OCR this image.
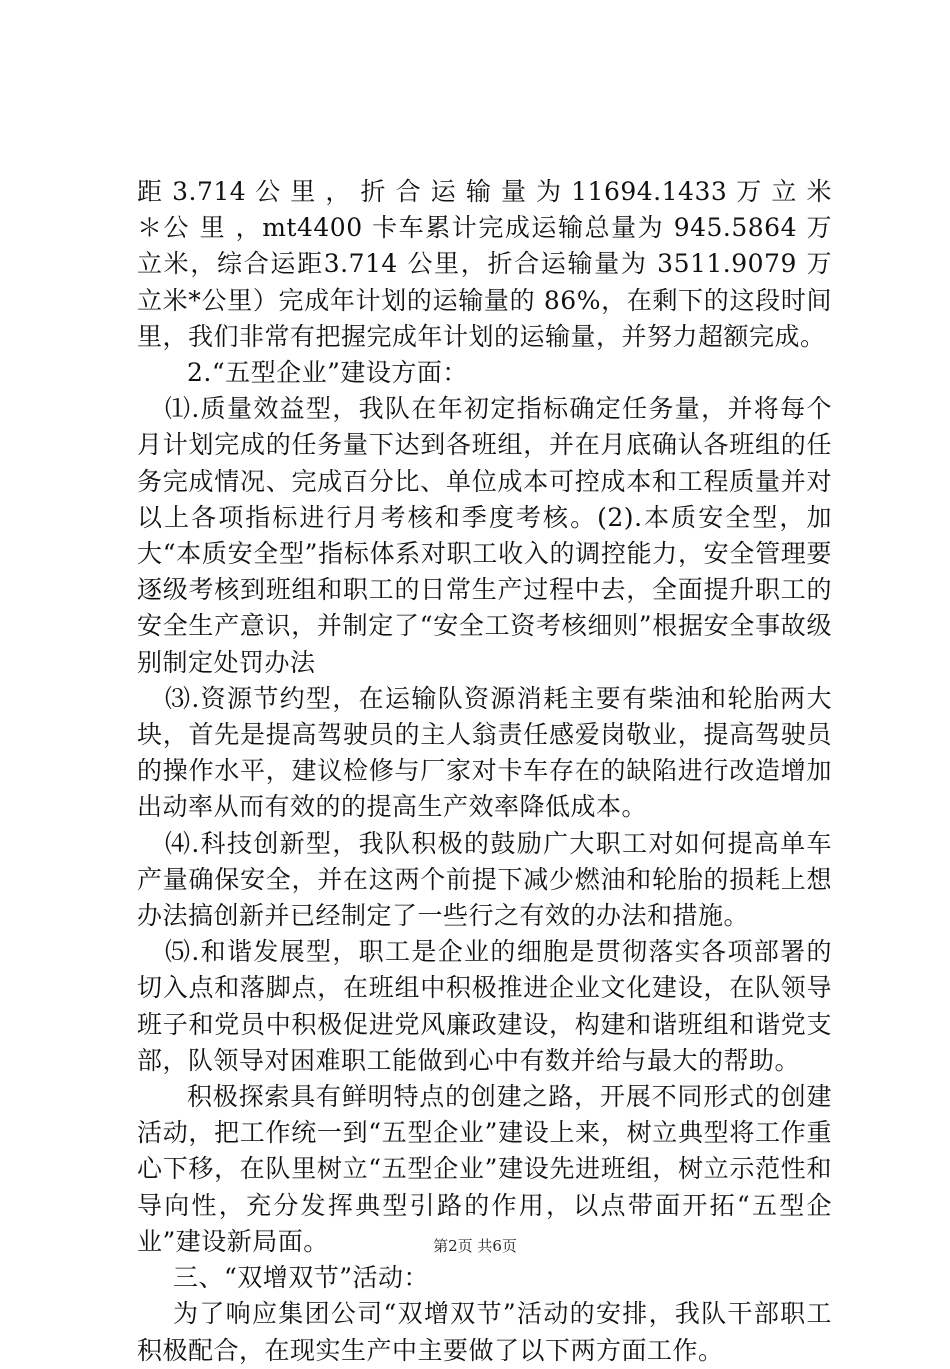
距 3.714 公 里 ， 折 合 运 输 量 为 11694.1433 万 立 米＊公 里 ，mt4400 卡车累计完成运输总量为 945.5864 万立米，综合运距3.714 公里，折合运输量为 3511.9079 万立米*公里）完成年计划的运输量的 86%，在剩下的这段时间里，我们非常有把握完成年计划的运输量，并努力超额完成。

2.“五型企业”建设方面：

⑴.质量效益型，我队在年初定指标确定任务量，并将每个月计划完成的任务量下达到各班组，并在月底确认各班组的任务完成情况、完成百分比、单位成本可控成本和工程质量并对以上各项指标进行月考核和季度考核。(2).本质安全型，加大“本质安全型”指标体系对职工收入的调控能力，安全管理要逐级考核到班组和职工的日常生产过程中去，全面提升职工的安全生产意识，并制定了“安全工资考核细则”根据安全事故级别制定处罚办法

⑶.资源节约型，在运输队资源消耗主要有柴油和轮胎两大块，首先是提高驾驶员的主人翁责任感爱岗敬业，提高驾驶员的操作水平，建议检修与厂家对卡车存在的缺陷进行改造增加出动率从而有效的的提高生产效率降低成本。

⑷.科技创新型，我队积极的鼓励广大职工对如何提高单车产量确保安全，并在这两个前提下减少燃油和轮胎的损耗上想办法搞创新并已经制定了一些行之有效的办法和措施。

⑸.和谐发展型，职工是企业的细胞是贯彻落实各项部署的切入点和落脚点，在班组中积极推进企业文化建设，在队领导班子和党员中积极促进党风廉政建设，构建和谐班组和谐党支部，队领导对困难职工能做到心中有数并给与最大的帮助。

积极探索具有鲜明特点的创建之路，开展不同形式的创建活动，把工作统一到“五型企业”建设上来，树立典型将工作重心下移，在队里树立“五型企业”建设先进班组，树立示范性和导向性，充分发挥典型引路的作用，以点带面开拓“五型企业”建设新局面。

三、“双增双节”活动：

为了响应集团公司“双增双节”活动的安排，我队干部职工积极配合，在现实生产中主要做了以下两方面工作。

第2页 共6页
